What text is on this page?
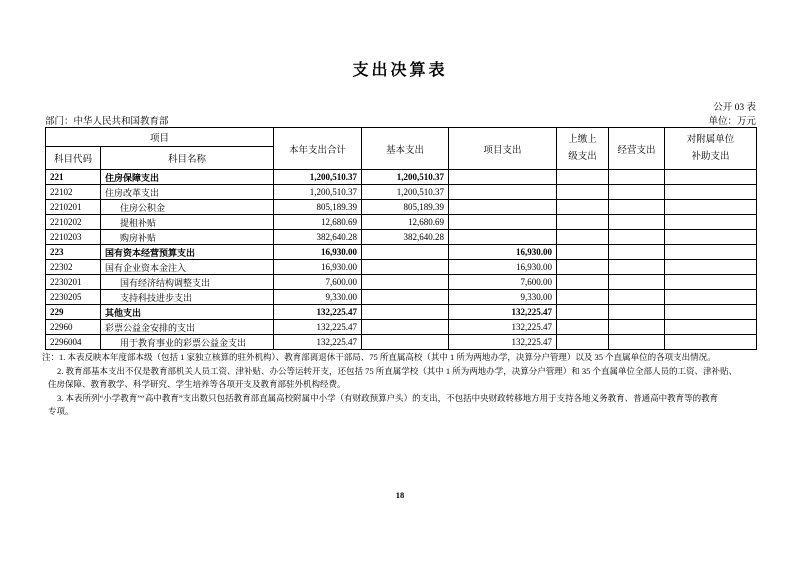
支出决算表
公开 03 表
部门：中华人民共和国教育部	单位：万元
项目		本年支出合计	基本支出	项目支出	上缴上级支出	经营支出	对附属单位补助支出
科目代码	科目名称						
221	住房保障支出	1,200,510.37	1,200,510.37				
22102	住房改革支出	1,200,510.37	1,200,510.37				
2210201	住房公积金	805,189.39	805,189.39				
2210202	提租补贴	12,680.69	12,680.69				
2210203	购房补贴	382,640.28	382,640.28				
223	国有资本经营预算支出	16,930.00		16,930.00			
22302	国有企业资本金注入	16,930.00		16,930.00			
2230201	国有经济结构调整支出	7,600.00		7,600.00			
2230205	支持科技进步支出	9,330.00		9,330.00			
229	其他支出	132,225.47		132,225.47			
22960	彩票公益金安排的支出	132,225.47		132,225.47			
2296004	用于教育事业的彩票公益金支出	132,225.47		132,225.47			
注：1. 本表反映本年度部本级（包括 1 家独立核算的驻外机构）、教育部离退休干部局、75 所直属高校（其中 1 所为两地办学，决算分户管理）以及 35 个直属单位的各项支出情况。
2. 教育部基本支出不仅是教育部机关人员工资、津补贴、办公等运转开支，还包括 75 所直属学校（其中 1 所为两地办学，决算分户管理）和 35 个直属单位全部人员的工资、津补贴、
住房保障、教育教学、科学研究、学生培养等各项开支及教育部驻外机构经费。
3. 本表所列“小学教育”“高中教育”支出数只包括教育部直属高校附属中小学（有财政预算户头）的支出，不包括中央财政转移地方用于支持各地义务教育、普通高中教育等的教育
专项。
18
